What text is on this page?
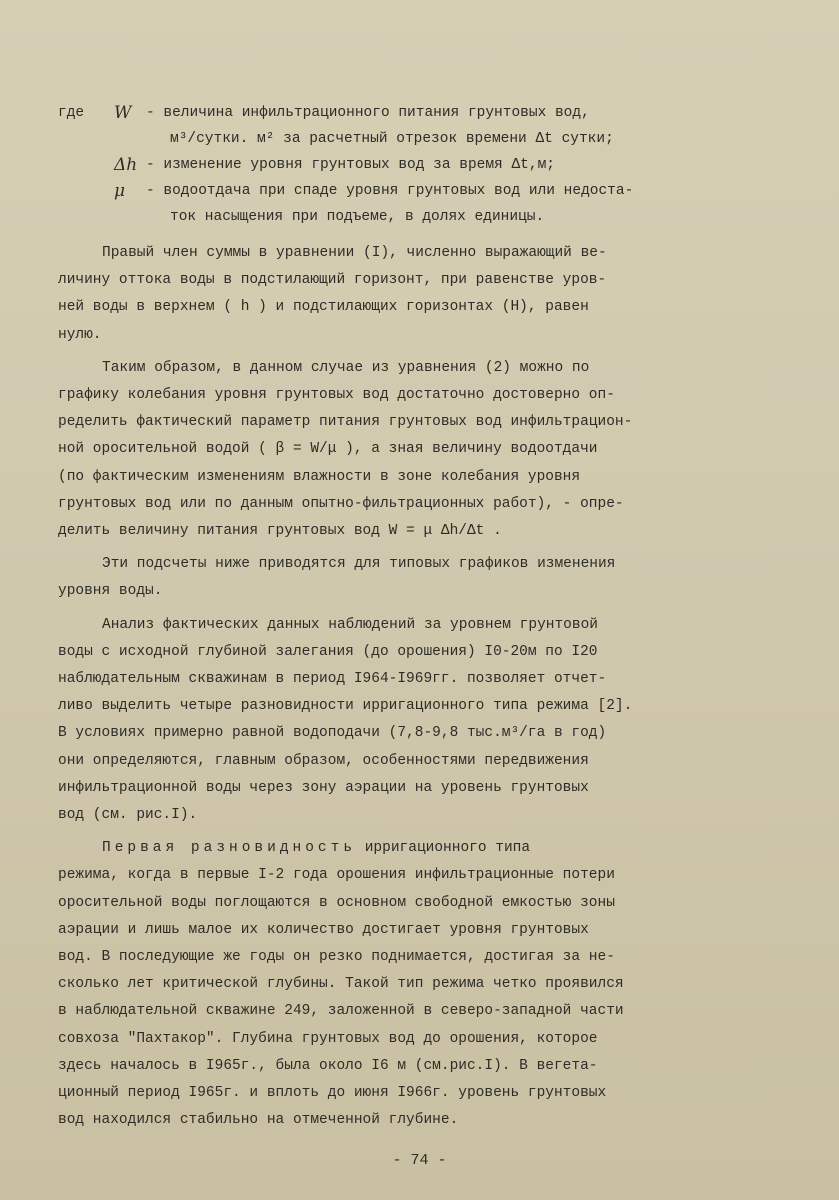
где W - величина инфильтрационного питания грунтовых вод,
м³/сутки. м² за расчетный отрезок времени Δt сутки;
Δh - изменение уровня грунтовых вод за время Δt,м;
μ - водоотдача при спаде уровня грунтовых вод или недоста-
ток насыщения при подъеме, в долях единицы.
Правый член суммы в уравнении (I), численно выражающий ве-
личину оттока воды в подстилающий горизонт, при равенстве уров-
ней воды в верхнем ( h ) и подстилающих горизонтах (H), равен
нулю.
Таким образом, в данном случае из уравнения (2) можно по
графику колебания уровня грунтовых вод достаточно достоверно оп-
ределить фактический параметр питания грунтовых вод инфильтрацион-
ной оросительной водой ( β = W/μ ), а зная величину водоотдачи
(по фактическим изменениям влажности в зоне колебания уровня
грунтовых вод или по данным опытно-фильтрационных работ), - опре-
делить величину питания грунтовых вод W = μ Δh/Δt .
Эти подсчеты ниже приводятся для типовых графиков изменения
уровня воды.
Анализ фактических данных наблюдений за уровнем грунтовой
воды с исходной глубиной залегания (до орошения) I0-20м по I20
наблюдательным скважинам в период I964-I969гг. позволяет отчет-
ливо выделить четыре разновидности ирригационного типа режима [2].
В условиях примерно равной водоподачи (7,8-9,8 тыс.м³/га в год)
они определяются, главным образом, особенностями передвижения
инфильтрационной воды через зону аэрации на уровень грунтовых
вод (см. рис.I).
Первая разновидность ирригационного типа
режима, когда в первые I-2 года орошения инфильтрационные потери
оросительной воды поглощаются в основном свободной емкостью зоны
аэрации и лишь малое их количество достигает уровня грунтовых
вод. В последующие же годы он резко поднимается, достигая за не-
сколько лет критической глубины. Такой тип режима четко проявился
в наблюдательной скважине 249, заложенной в северо-западной части
совхоза "Пахтакор". Глубина грунтовых вод до орошения, которое
здесь началось в I965г., была около I6 м (см.рис.I). В вегета-
ционный период I965г. и вплоть до июня I966г. уровень грунтовых
вод находился стабильно на отмеченной глубине.
- 74 -
